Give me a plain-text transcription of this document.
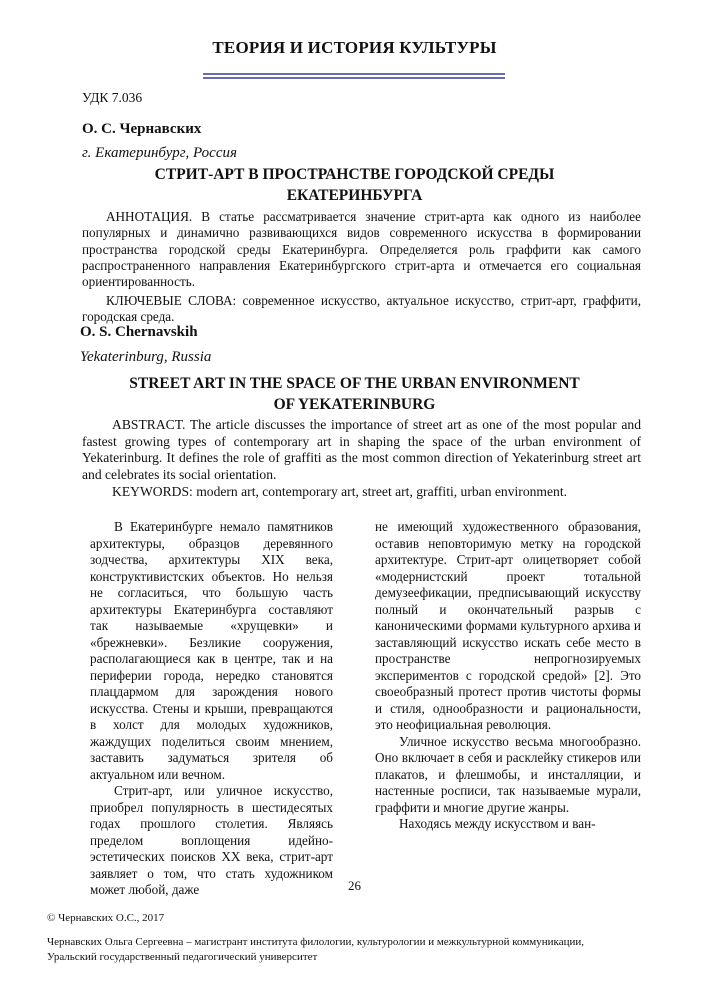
ТЕОРИЯ И ИСТОРИЯ КУЛЬТУРЫ
УДК 7.036
О. С. Чернавских
г. Екатеринбург, Россия
СТРИТ-АРТ В ПРОСТРАНСТВЕ ГОРОДСКОЙ СРЕДЫ
ЕКАТЕРИНБУРГА
АННОТАЦИЯ. В статье рассматривается значение стрит-арта как одного из наиболее популярных и динамично развивающихся видов современного искусства в формировании пространства городской среды Екатеринбурга. Определяется роль граффити как самого распространенного направления Екатеринбургского стрит-арта и отмечается его социальная ориентированность.
КЛЮЧЕВЫЕ СЛОВА: современное искусство, актуальное искусство, стрит-арт, граффити, городская среда.
O. S. Chernavskih
Yekaterinburg, Russia
STREET ART IN THE SPACE OF THE URBAN ENVIRONMENT
OF YEKATERINBURG
ABSTRACT. The article discusses the importance of street art as one of the most popular and fastest growing types of contemporary art in shaping the space of the urban environment of Yekaterinburg. It defines the role of graffiti as the most common direction of Yekaterinburg street art and celebrates its social orientation.
KEYWORDS: modern art, contemporary art, street art, graffiti, urban environment.

В Екатеринбурге немало памятников архитектуры, образцов деревянного зодчества, архитектуры XIX века, конструктивистских объектов. Но нельзя не согласиться, что большую часть архитектуры Екатеринбурга составляют так называемые «хрущевки» и «брежневки». Безликие сооружения, располагающиеся как в центре, так и на периферии города, нередко становятся плацдармом для зарождения нового искусства. Стены и крыши, превращаются в холст для молодых художников, жаждущих поделиться своим мнением, заставить задуматься зрителя об актуальном или вечном.

Стрит-арт, или уличное искусство, приобрел популярность в шестидесятых годах прошлого столетия. Являясь пределом воплощения идейно-эстетических поисков XX века, стрит-арт заявляет о том, что стать художником может любой, даже

не имеющий художественного образования, оставив неповторимую метку на городской архитектуре. Стрит-арт олицетворяет собой «модернистский проект тотальной демузеефикации, предписывающий искусству полный и окончательный разрыв с каноническими формами культурного архива и заставляющий искусство искать себе место в пространстве непрогнозируемых экспериментов с городской средой» [2]. Это своеобразный протест против чистоты формы и стиля, однообразности и рациональности, это неофициальная революция.

Уличное искусство весьма многообразно. Оно включает в себя и расклейку стикеров или плакатов, и флешмобы, и инсталляции, и настенные росписи, так называемые мурали, граффити и многие другие жанры.

Находясь между искусством и ван-

26
© Чернавских О.С., 2017
Чернавских Ольга Сергеевна – магистрант института филологии, культурологии и межкультурной коммуникации,
Уральский государственный педагогический университет
